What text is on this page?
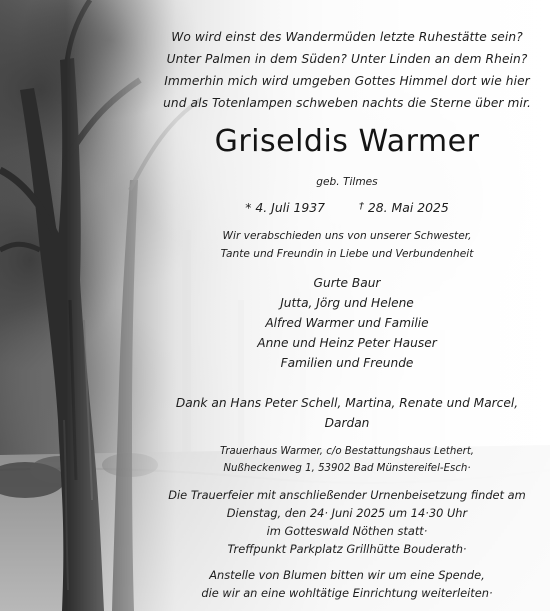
Wo wird einst des Wandermüden letzte Ruhestätte sein?
Unter Palmen in dem Süden? Unter Linden an dem Rhein?
Immerhin mich wird umgeben Gottes Himmel dort wie hier
und als Totenlampen schweben nachts die Sterne über mir.
Griseldis Warmer
geb. Tilmes
* 4. Juli 1937	† 28. Mai 2025
Wir verabschieden uns von unserer Schwester,
Tante und Freundin in Liebe und Verbundenheit
Gurte Baur
Jutta, Jörg und Helene
Alfred Warmer und Familie
Anne und Heinz Peter Hauser
Familien und Freunde
Dank an Hans Peter Schell, Martina, Renate und Marcel,
Dardan
Trauerhaus Warmer, c/o Bestattungshaus Lethert,
Nußheckenweg 1, 53902 Bad Münstereifel-Esch·
Die Trauerfeier mit anschließender Urnenbeisetzung findet am
Dienstag, den 24· Juni 2025 um 14·30 Uhr
im Gotteswald Nöthen statt·
Treffpunkt Parkplatz Grillhütte Bouderath·
Anstelle von Blumen bitten wir um eine Spende,
die wir an eine wohltätige Einrichtung weiterleiten·
